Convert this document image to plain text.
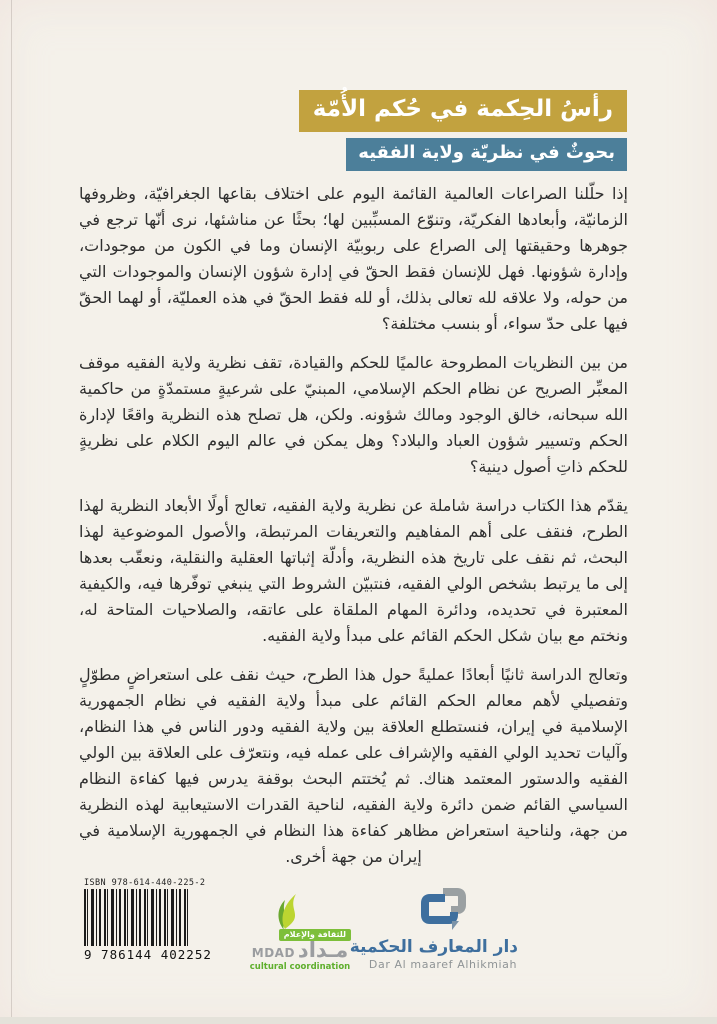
رأسُ الحِكمة في حُكم الأُمّة
بحوثٌ في نظريّة ولاية الفقيه

إذا حلّلنا الصراعات العالمية القائمة اليوم على اختلاف بقاعها الجغرافيّة، وظروفها الزمانيّة، وأبعادها الفكريّة، وتنوّع المسبِّبين لها؛ بحثًا عن مناشئها، نرى أنّها ترجع في جوهرها وحقيقتها إلى الصراع على ربوبيّة الإنسان وما في الكون من موجودات، وإدارة شؤونها. فهل للإنسان فقط الحقّ في إدارة شؤون الإنسان والموجودات التي من حوله، ولا علاقه لله تعالى بذلك، أو لله فقط الحقّ في هذه العمليّة، أو لهما الحقّ فيها على حدّ سواء، أو بنسب مختلفة؟

من بين النظريات المطروحة عالميًا للحكم والقيادة، تقف نظرية ولاية الفقيه موقف المعبِّر الصريح عن نظام الحكم الإسلامي، المبنيّ على شرعيةٍ مستمدّةٍ من حاكمية الله سبحانه، خالق الوجود ومالك شؤونه. ولكن، هل تصلح هذه النظرية واقعًا لإدارة الحكم وتسيير شؤون العباد والبلاد؟ وهل يمكن في عالم اليوم الكلام على نظريةٍ للحكم ذاتِ أصول دينية؟

يقدّم هذا الكتاب دراسة شاملة عن نظرية ولاية الفقيه، تعالج أولًا الأبعاد النظرية لهذا الطرح، فنقف على أهم المفاهيم والتعريفات المرتبطة، والأصول الموضوعية لهذا البحث، ثم نقف على تاريخ هذه النظرية، وأدلّة إثباتها العقلية والنقلية، ونعقّب بعدها إلى ما يرتبط بشخص الولي الفقيه، فنتبيّن الشروط التي ينبغي توفّرها فيه، والكيفية المعتبرة في تحديده، ودائرة المهام الملقاة على عاتقه، والصلاحيات المتاحة له، ونختم مع بيان شكل الحكم القائم على مبدأ ولاية الفقيه.

وتعالج الدراسة ثانيًا أبعادًا عمليةً حول هذا الطرح، حيث نقف على استعراضٍ مطوّلٍ وتفصيلي لأهم معالم الحكم القائم على مبدأ ولاية الفقيه في نظام الجمهورية الإسلامية في إيران، فنستطلع العلاقة بين ولاية الفقيه ودور الناس في هذا النظام، وآليات تحديد الولي الفقيه والإشراف على عمله فيه، ونتعرّف على العلاقة بين الولي الفقيه والدستور المعتمد هناك. ثم يُختتم البحث بوقفة يدرس فيها كفاءة النظام السياسي القائم ضمن دائرة ولاية الفقيه، لناحية القدرات الاستيعابية لهذه النظرية من جهة، ولناحية استعراض مظاهر كفاءة هذا النظام في الجمهورية الإسلامية في إيران من جهة أخرى.

ISBN 978-614-440-225-2
9 786144 402252
للثقافة والإعلام
MDAD مـداد
cultural coordination
دار المعارف الحكمية
Dar Al maaref Alhikmiah
